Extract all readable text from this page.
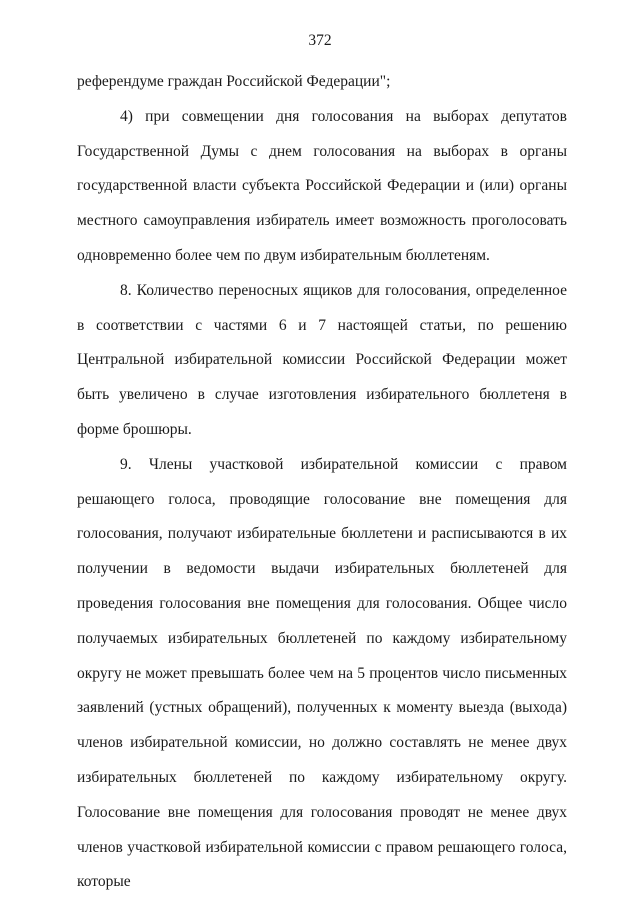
372

референдуме граждан Российской Федерации";

4) при совмещении дня голосования на выборах депутатов Государственной Думы с днем голосования на выборах в органы государственной власти субъекта Российской Федерации и (или) органы местного самоуправления избиратель имеет возможность проголосовать одновременно более чем по двум избирательным бюллетеням.

8. Количество переносных ящиков для голосования, определенное в соответствии с частями 6 и 7 настоящей статьи, по решению Центральной избирательной комиссии Российской Федерации может быть увеличено в случае изготовления избирательного бюллетеня в форме брошюры.

9. Члены участковой избирательной комиссии с правом решающего голоса, проводящие голосование вне помещения для голосования, получают избирательные бюллетени и расписываются в их получении в ведомости выдачи избирательных бюллетеней для проведения голосования вне помещения для голосования. Общее число получаемых избирательных бюллетеней по каждому избирательному округу не может превышать более чем на 5 процентов число письменных заявлений (устных обращений), полученных к моменту выезда (выхода) членов избирательной комиссии, но должно составлять не менее двух избирательных бюллетеней по каждому избирательному округу. Голосование вне помещения для голосования проводят не менее двух членов участковой избирательной комиссии с правом решающего голоса, которые
